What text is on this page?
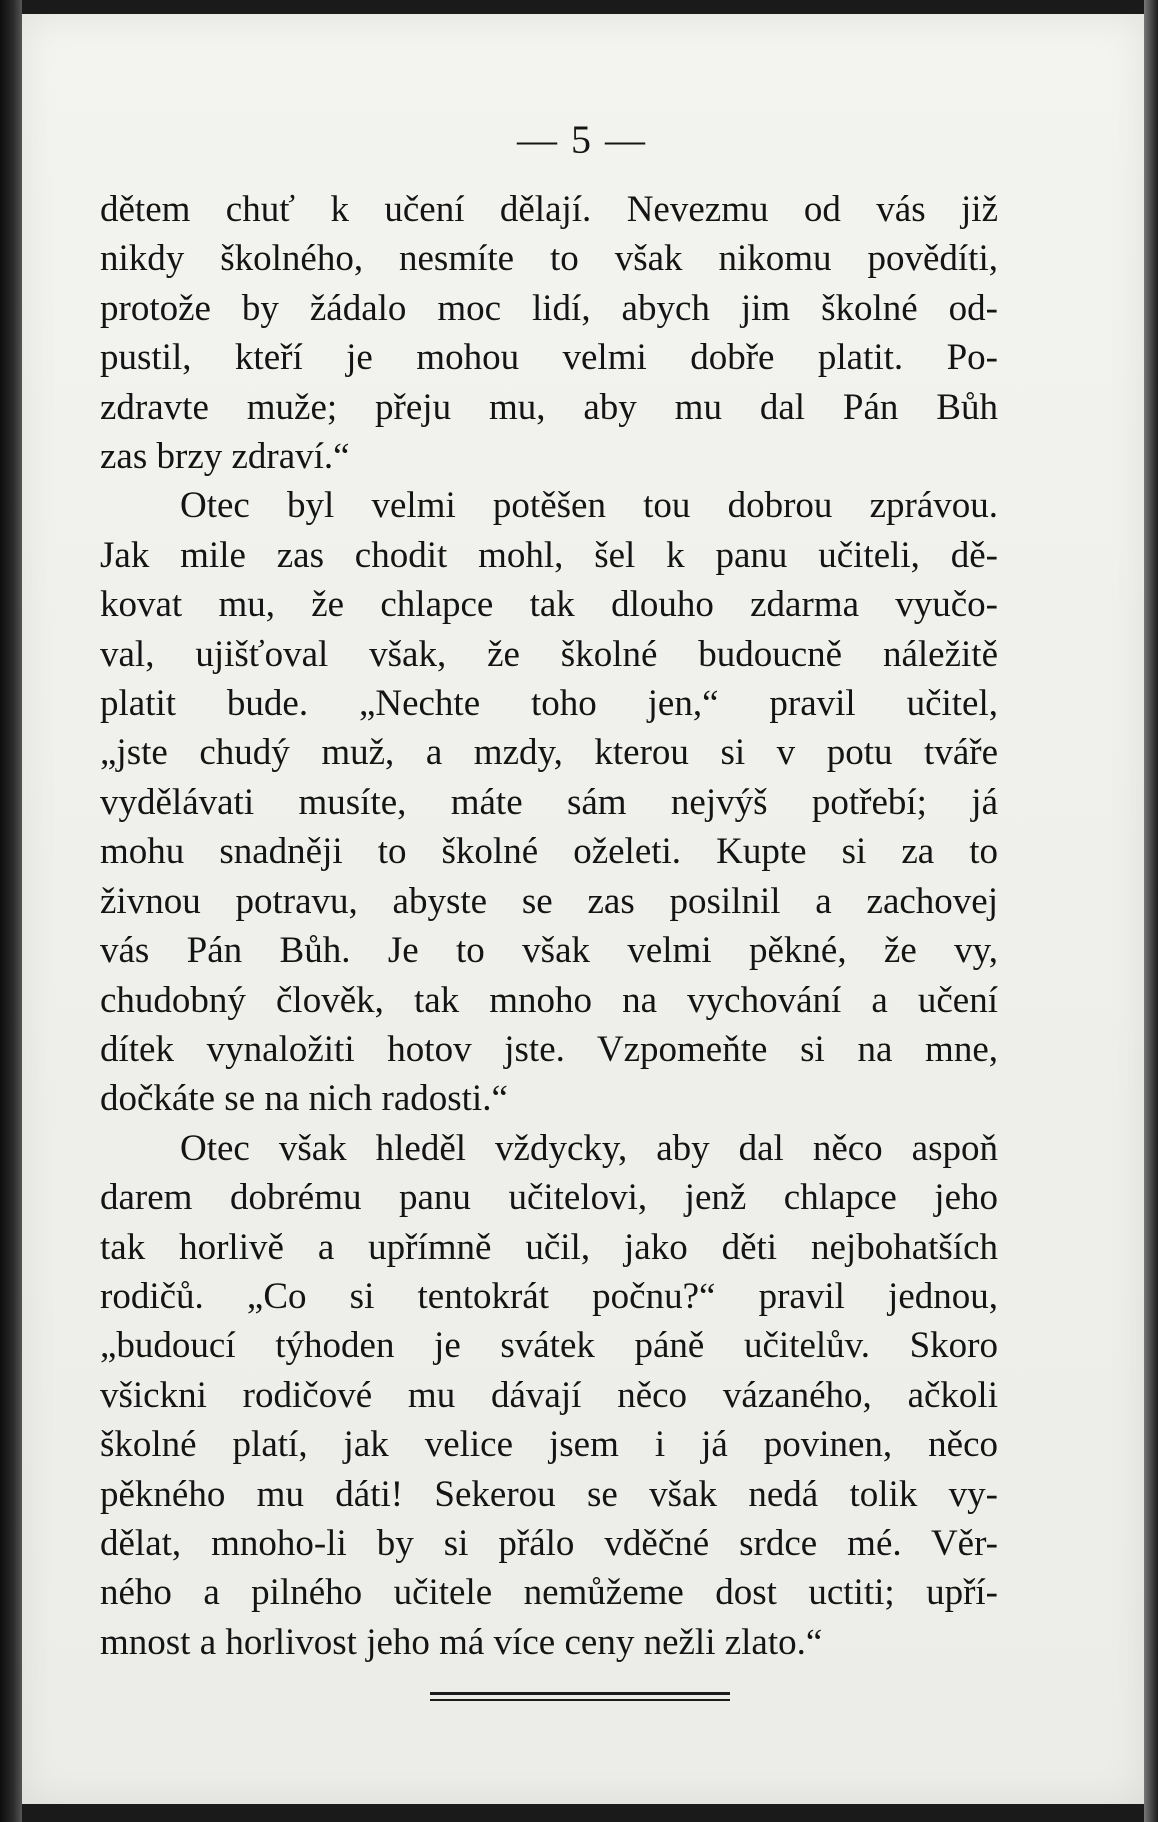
— 5 —
dětem chuť k učení dělají. Nevezmu od vás již
nikdy školného, nesmíte to však nikomu povědíti,
protože by žádalo moc lidí, abych jim školné od-
pustil, kteří je mohou velmi dobře platit. Po-
zdravte muže; přeju mu, aby mu dal Pán Bůh
zas brzy zdraví.“
Otec byl velmi potěšen tou dobrou zprávou.
Jak mile zas chodit mohl, šel k panu učiteli, dě-
kovat mu, že chlapce tak dlouho zdarma vyučo-
val, ujišťoval však, že školné budoucně náležitě
platit bude. „Nechte toho jen,“ pravil učitel,
„jste chudý muž, a mzdy, kterou si v potu tváře
vydělávati musíte, máte sám nejvýš potřebí; já
mohu snadněji to školné oželeti. Kupte si za to
živnou potravu, abyste se zas posilnil a zachovej
vás Pán Bůh. Je to však velmi pěkné, že vy,
chudobný člověk, tak mnoho na vychování a učení
dítek vynaložiti hotov jste. Vzpomeňte si na mne,
dočkáte se na nich radosti.“
Otec však hleděl vždycky, aby dal něco aspoň
darem dobrému panu učitelovi, jenž chlapce jeho
tak horlivě a upřímně učil, jako děti nejbohatších
rodičů. „Co si tentokrát počnu?“ pravil jednou,
„budoucí týhoden je svátek páně učitelův. Skoro
všickni rodičové mu dávají něco vázaného, ačkoli
školné platí, jak velice jsem i já povinen, něco
pěkného mu dáti! Sekerou se však nedá tolik vy-
dělat, mnoho-li by si přálo vděčné srdce mé. Věr-
ného a pilného učitele nemůžeme dost uctiti; upří-
mnost a horlivost jeho má více ceny nežli zlato.“
